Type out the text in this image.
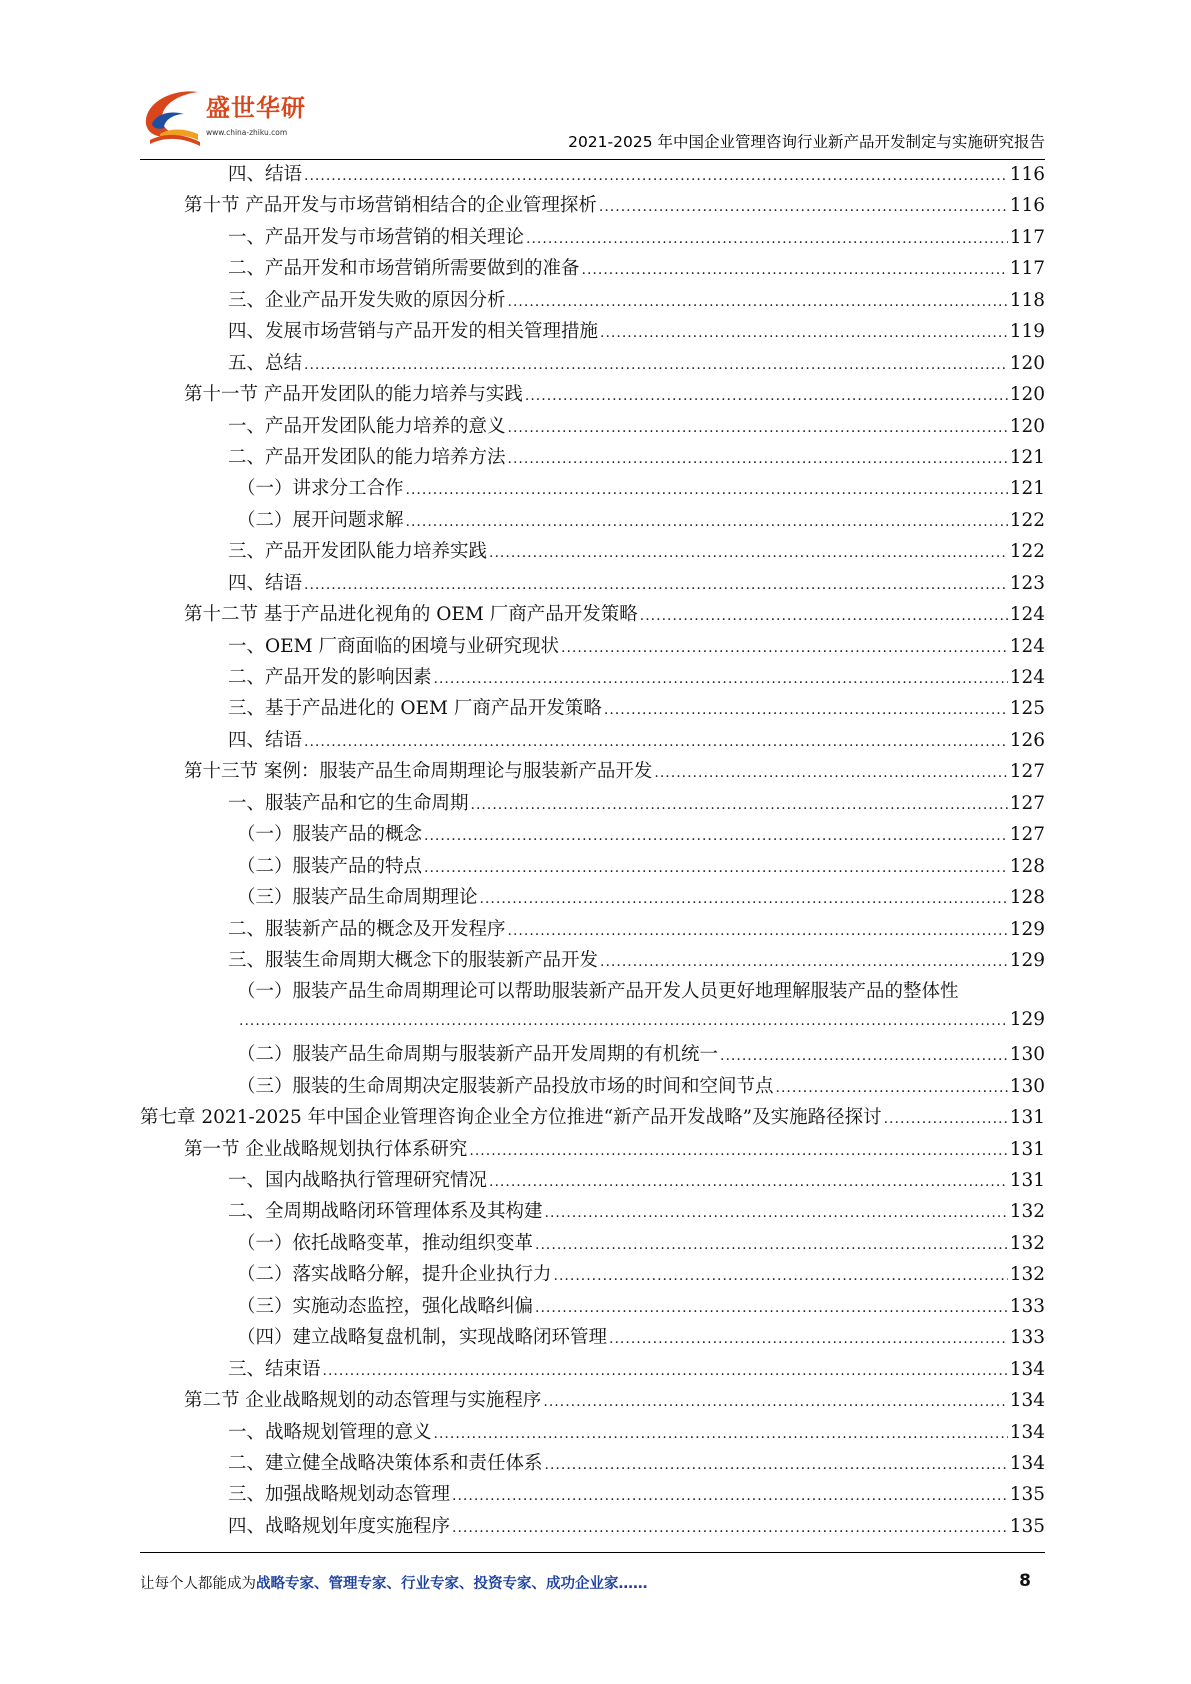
盛世华研
www.china-zhiku.com
2021-2025 年中国企业管理咨询行业新产品开发制定与实施研究报告
四、结语 .....	116
第十节 产品开发与市场营销相结合的企业管理探析 .....	116
一、产品开发与市场营销的相关理论 .....	117
二、产品开发和市场营销所需要做到的准备 .....	117
三、企业产品开发失败的原因分析 .....	118
四、发展市场营销与产品开发的相关管理措施 .....	119
五、总结 .....	120
第十一节 产品开发团队的能力培养与实践 .....	120
一、产品开发团队能力培养的意义 .....	120
二、产品开发团队的能力培养方法 .....	121
（一）讲求分工合作 .....	121
（二）展开问题求解 .....	122
三、产品开发团队能力培养实践 .....	122
四、结语 .....	123
第十二节 基于产品进化视角的 OEM 厂商产品开发策略 .....	124
一、OEM 厂商面临的困境与业研究现状 .....	124
二、产品开发的影响因素 .....	124
三、基于产品进化的 OEM 厂商产品开发策略 .....	125
四、结语 .....	126
第十三节 案例：服装产品生命周期理论与服装新产品开发 .....	127
一、服装产品和它的生命周期 .....	127
（一）服装产品的概念 .....	127
（二）服装产品的特点 .....	128
（三）服装产品生命周期理论 .....	128
二、服装新产品的概念及开发程序 .....	129
三、服装生命周期大概念下的服装新产品开发 .....	129
（一）服装产品生命周期理论可以帮助服装新产品开发人员更好地理解服装产品的整体性
.....
129
（二）服装产品生命周期与服装新产品开发周期的有机统一 .....	130
（三）服装的生命周期决定服装新产品投放市场的时间和空间节点 .....	130
第七章 2021-2025 年中国企业管理咨询企业全方位推进“新产品开发战略”及实施路径探讨 .....	131
第一节 企业战略规划执行体系研究 .....	131
一、国内战略执行管理研究情况 .....	131
二、全周期战略闭环管理体系及其构建 .....	132
（一）依托战略变革，推动组织变革 .....	132
（二）落实战略分解，提升企业执行力 .....	132
（三）实施动态监控，强化战略纠偏 .....	133
（四）建立战略复盘机制，实现战略闭环管理 .....	133
三、结束语 .....	134
第二节 企业战略规划的动态管理与实施程序 .....	134
一、战略规划管理的意义 .....	134
二、建立健全战略决策体系和责任体系 .....	134
三、加强战略规划动态管理 .....	135
四、战略规划年度实施程序 .....	135
让每个人都能成为战略专家、管理专家、行业专家、投资专家、成功企业家……	8
